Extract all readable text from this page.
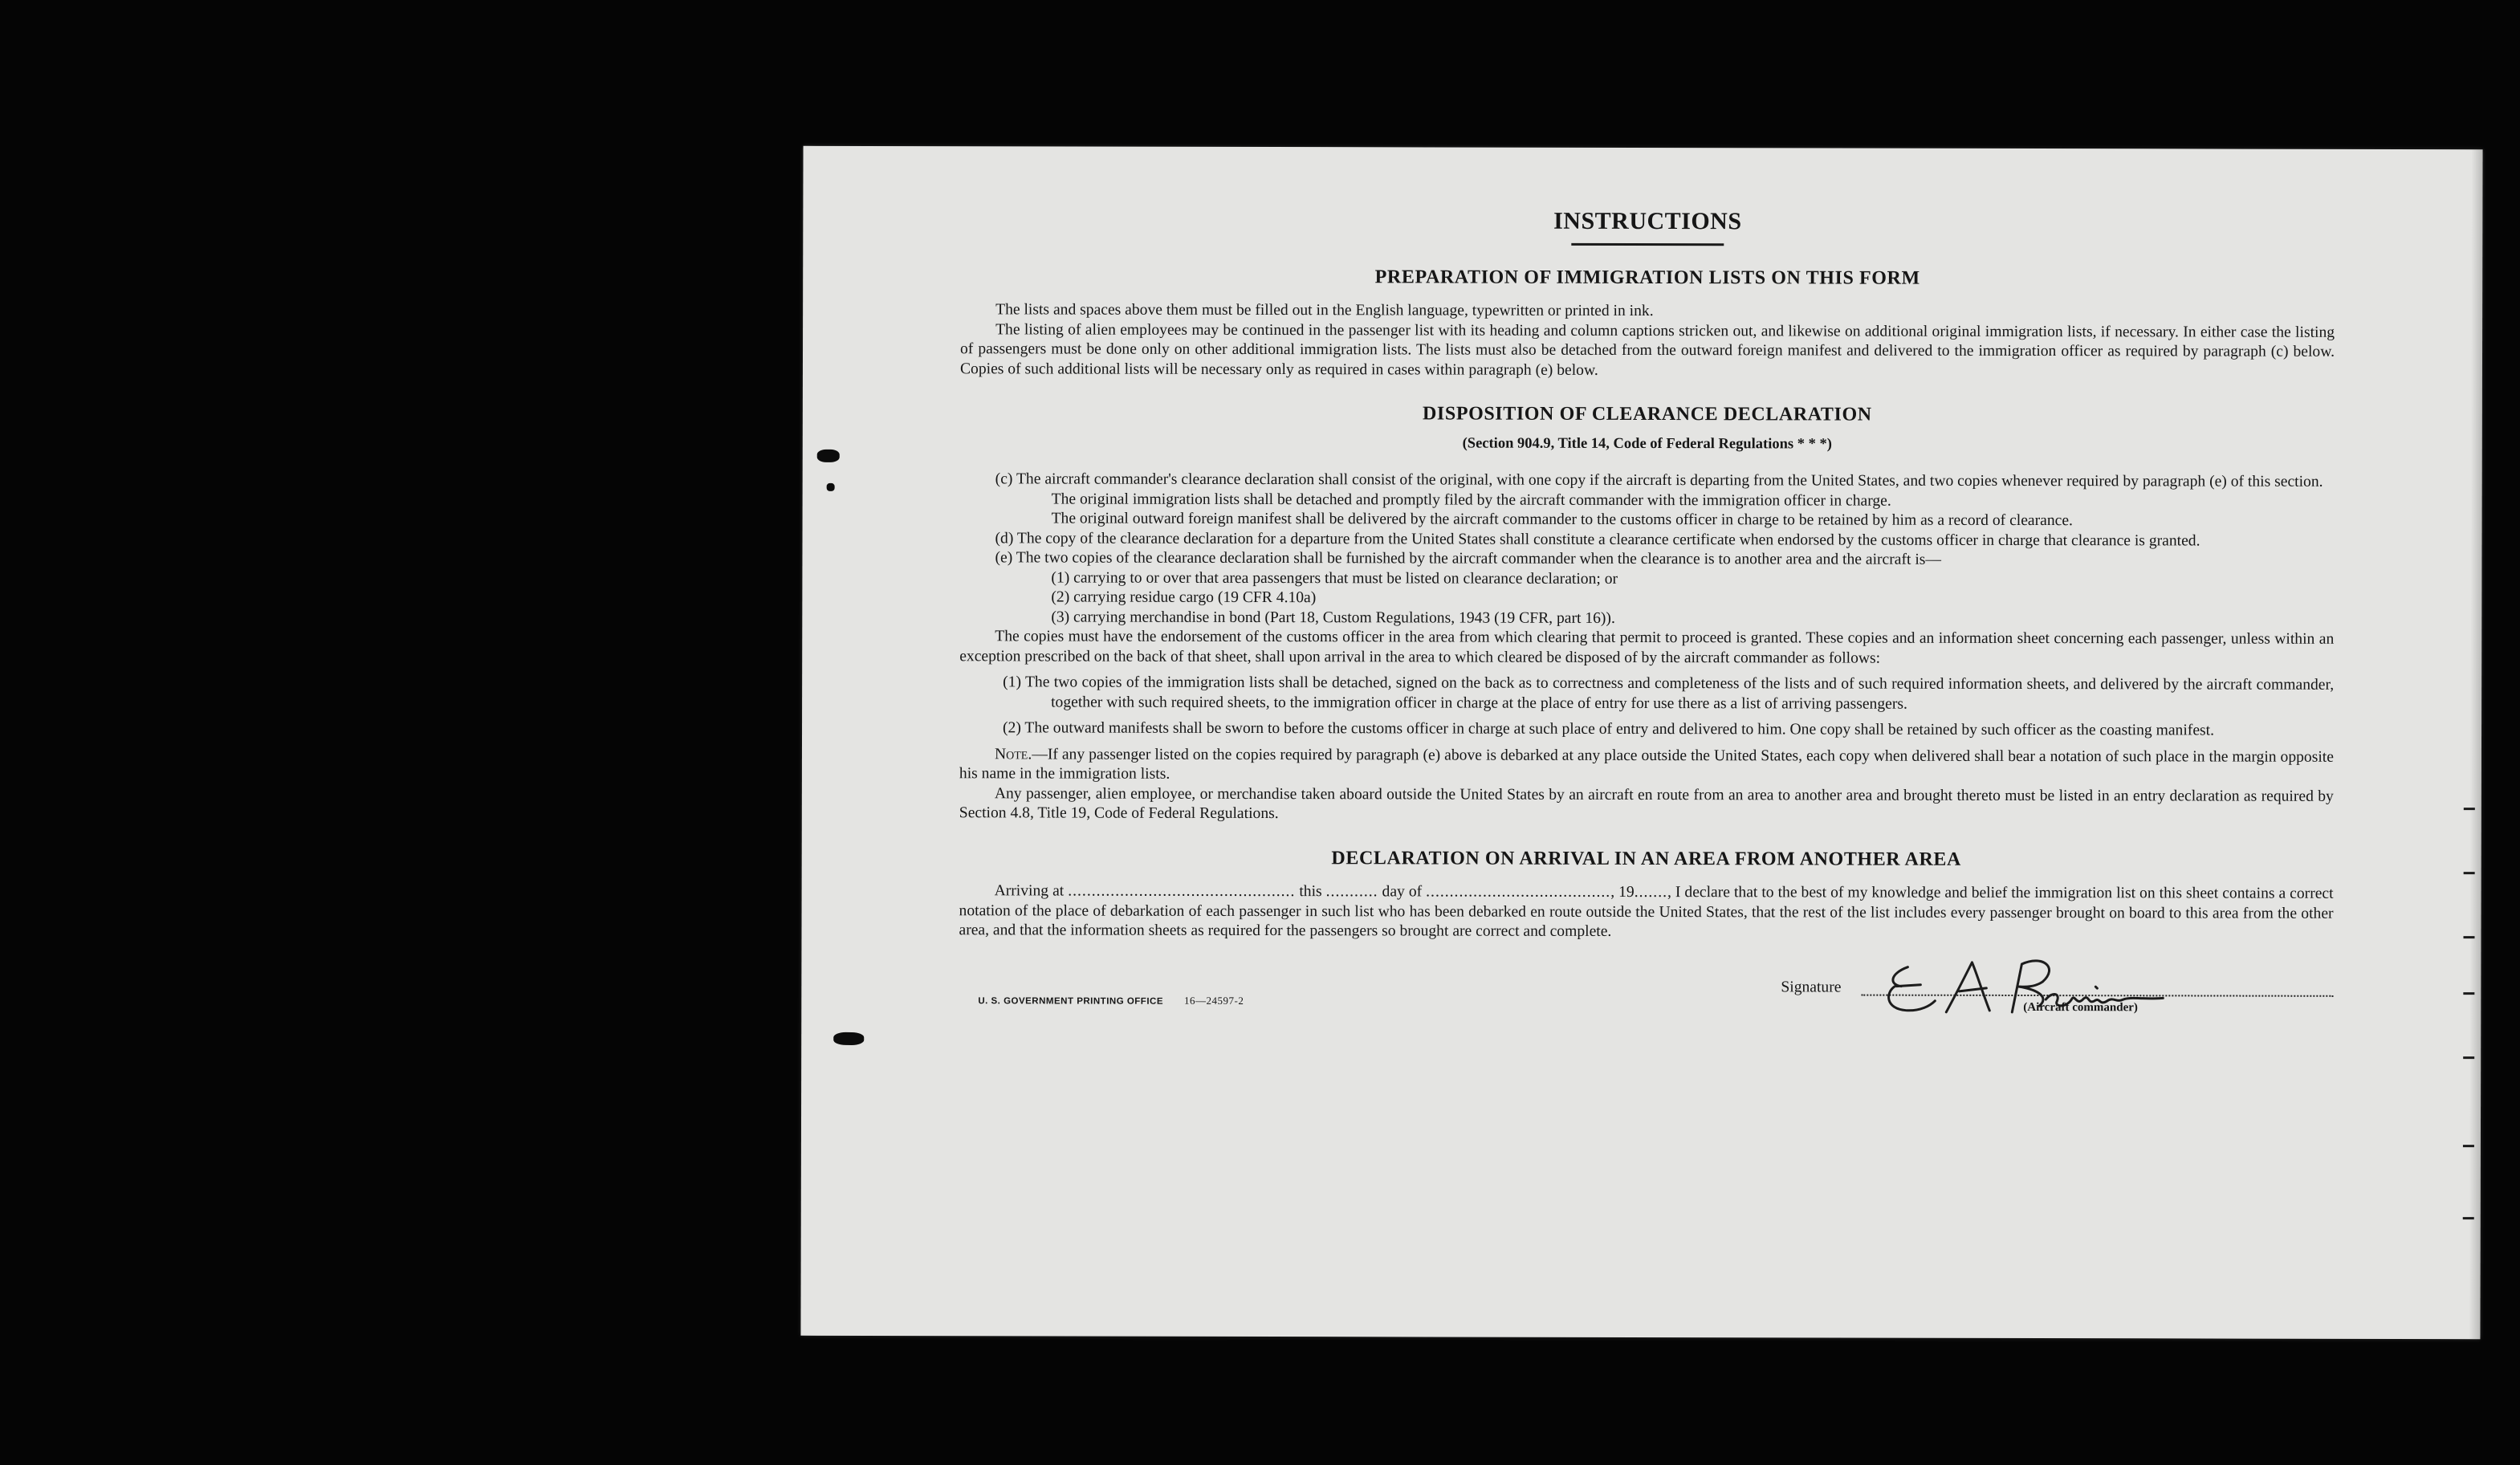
INSTRUCTIONS
PREPARATION OF IMMIGRATION LISTS ON THIS FORM

The lists and spaces above them must be filled out in the English language, typewritten or printed in ink.

The listing of alien employees may be continued in the passenger list with its heading and column captions stricken out, and likewise on additional original immigration lists, if necessary. In either case the listing of passengers must be done only on other additional immigration lists. The lists must also be detached from the outward foreign manifest and delivered to the immigration officer as required by paragraph (c) below. Copies of such additional lists will be necessary only as required in cases within paragraph (e) below.

DISPOSITION OF CLEARANCE DECLARATION
(Section 904.9, Title 14, Code of Federal Regulations * * *)

(c) The aircraft commander's clearance declaration shall consist of the original, with one copy if the aircraft is departing from the United States, and two copies whenever required by paragraph (e) of this section.

The original immigration lists shall be detached and promptly filed by the aircraft commander with the immigration officer in charge.

The original outward foreign manifest shall be delivered by the aircraft commander to the customs officer in charge to be retained by him as a record of clearance.

(d) The copy of the clearance declaration for a departure from the United States shall constitute a clearance certificate when endorsed by the customs officer in charge that clearance is granted.

(e) The two copies of the clearance declaration shall be furnished by the aircraft commander when the clearance is to another area and the aircraft is—

(1) carrying to or over that area passengers that must be listed on clearance declaration; or

(2) carrying residue cargo (19 CFR 4.10a)

(3) carrying merchandise in bond (Part 18, Custom Regulations, 1943 (19 CFR, part 16)).

The copies must have the endorsement of the customs officer in the area from which clearing that permit to proceed is granted. These copies and an information sheet concerning each passenger, unless within an exception prescribed on the back of that sheet, shall upon arrival in the area to which cleared be disposed of by the aircraft commander as follows:

(1) The two copies of the immigration lists shall be detached, signed on the back as to correctness and completeness of the lists and of such required information sheets, and delivered by the aircraft commander, together with such required sheets, to the immigration officer in charge at the place of entry for use there as a list of arriving passengers.

(2) The outward manifests shall be sworn to before the customs officer in charge at such place of entry and delivered to him. One copy shall be retained by such officer as the coasting manifest.

Note.—If any passenger listed on the copies required by paragraph (e) above is debarked at any place outside the United States, each copy when delivered shall bear a notation of such place in the margin opposite his name in the immigration lists.

Any passenger, alien employee, or merchandise taken aboard outside the United States by an aircraft en route from an area to another area and brought thereto must be listed in an entry declaration as required by Section 4.8, Title 19, Code of Federal Regulations.

DECLARATION ON ARRIVAL IN AN AREA FROM ANOTHER AREA

Arriving at ................................................ this ........... day of ......................................., 19......., I declare that to the best of my knowledge and belief the immigration list on this sheet contains a correct notation of the place of debarkation of each passenger in such list who has been debarked en route outside the United States, that the rest of the list includes every passenger brought on board to this area from the other area, and that the information sheets as required for the passengers so brought are correct and complete.

U. S. GOVERNMENT PRINTING OFFICE 16—24597-2
Signature
(Aircraft commander)
